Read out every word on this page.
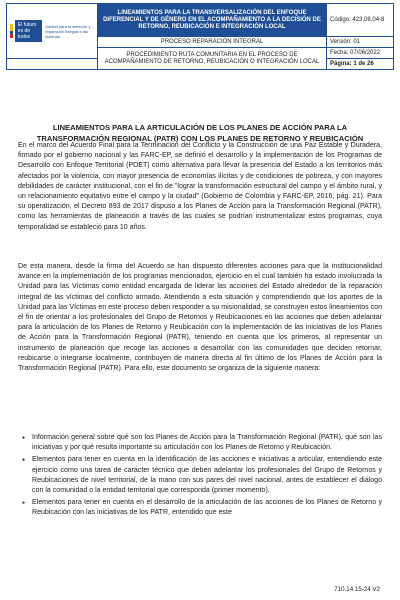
El futuro es de todos
Unidad para la atención y reparación integral a las víctimas	LINEAMIENTOS PARA LA TRANSVERSALIZACIÓN DEL ENFOQUE DIFERENCIAL Y DE GÉNERO EN EL ACOMPAÑAMIENTO A LA DECISIÓN DE RETORNO, REUBICACIÓN E INTEGRACIÓN LOCAL	Código: 423,08,04-8
	PROCESO REPARACIÓN INTEGRAL	Versión: 01
	PROCEDIMIENTO RUTA COMUNITARIA EN EL PROCESO DE ACOMPAÑAMIENTO DE RETORNO, REUBICACIÓN O INTEGRACIÓN LOCAL	Fecha: 07/06/2022
		Página: 1 de 26
LINEAMIENTOS PARA LA ARTICULACIÓN DE LOS PLANES DE ACCIÓN PARA LA TRANSFORMACIÓN REGIONAL (PATR) CON LOS PLANES DE RETORNO Y REUBICACIÓN

En el marco del Acuerdo Final para la Terminación del Conflicto y la Construcción de una Paz Estable y Duradera, firmado por el gobierno nacional y las FARC-EP, se definió el desarrollo y la implementación de los Programas de Desarrollo con Enfoque Territorial (PDET) como alternativa para llevar la presencia del Estado a los territorios más afectados por la violencia, con mayor presencia de economías ilícitas y de condiciones de pobreza, y con mayores debilidades de carácter institucional, con el fin de "lograr la transformación estructural del campo y el ámbito rural, y un relacionamiento equitativo entre el campo y la ciudad" (Gobierno de Colombia y FARC-EP, 2016, pág. 21). Para su operatización, el Decreto 893 de 2017 dispuso a los Planes de Acción para la Transformación Regional (PATR), como las herramientas de planeación a través de las cuales se podrían instrumentalizar estos programas, cuya temporalidad se estableció para 10 años.

De esta manera, desde la firma del Acuerdo se han dispuesto diferentes acciones para que la institucionalidad avance en la implementación de los programas mencionados, ejercicio en el cual también ha estado involucrada la Unidad para las Víctimas como entidad encargada de liderar las acciones del Estado alrededor de la reparación integral de las víctimas del conflicto armado. Atendiendo a esta situación y comprendiendo que los aportes de la Unidad para las Víctimas en este proceso deben responder a su misionalidad, se construyen estos lineamientos con el fin de orientar a los profesionales del Grupo de Retornos y Reubicaciones en las acciones que deben adelantar para la articulación de los Planes de Retorno y Reubicación con la implementación de las iniciativas de los Planes de Acción para la Transformación Regional (PATR), teniendo en cuenta que los primeros, al representar un instrumento de planeación que recoge las acciones a desarrollar con las comunidades que deciden retornar, reubicarse o integrarse localmente, contribuyen de manera directa al fin último de los Planes de Acción para la Transformación Regional (PATR). Para ello, este documento se organiza de la siguiente manera:

● Información general sobre qué son los Planes de Acción para la Transformación Regional (PATR), qué son las iniciativas y por qué resulta importante su articulación con los Planes de Retorno y Reubicación.
● Elementos para tener en cuenta en la identificación de las acciones e iniciativas a articular, entendiendo este ejercicio como una tarea de carácter técnico que deben adelantar los profesionales del Grupo de Retornos y Reubicaciones de nivel territorial, de la mano con sus pares del nivel nacional, antes de establecer el diálogo con la comunidad o la entidad territorial que corresponda (primer momento).
● Elementos para tener en cuenta en el desarrollo de la articulación de las acciones de los Planes de Retorno y Reubicación con las iniciativas de los PATR, entendido que este
710.14.15-24 V2
